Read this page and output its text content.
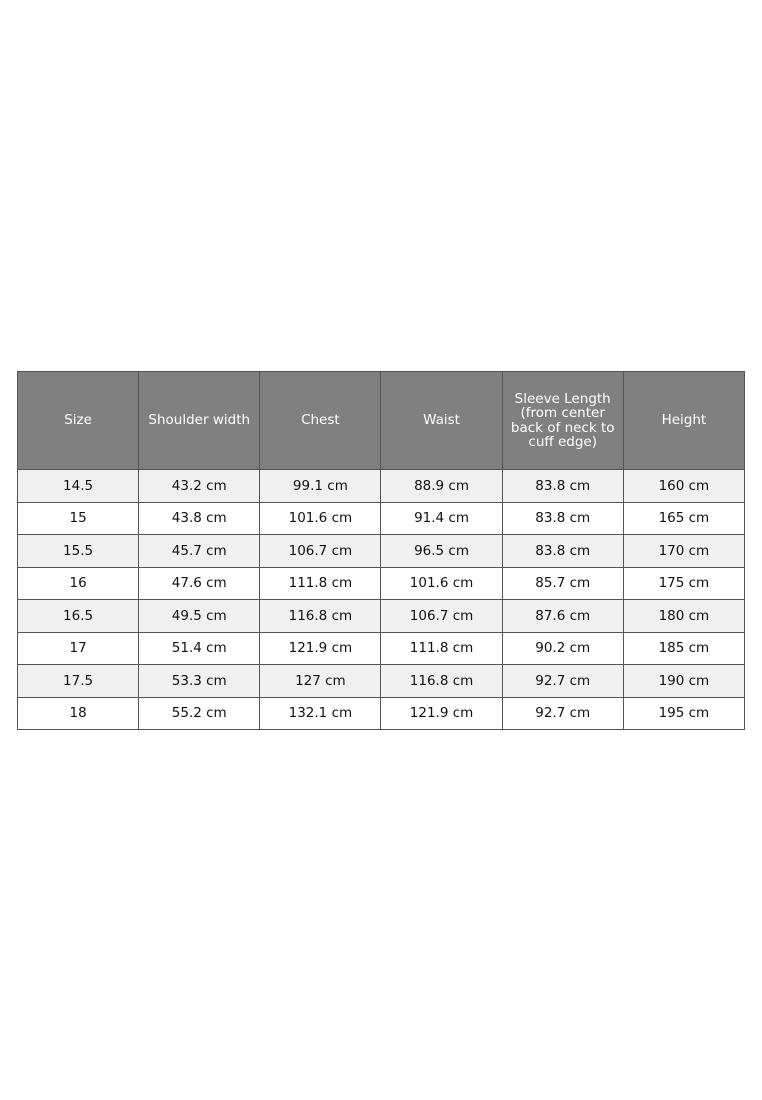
Size	Shoulder width	Chest	Waist	Sleeve Length (from center back of neck to cuff edge)	Height
14.5	43.2 cm	99.1 cm	88.9 cm	83.8 cm	160 cm
15	43.8 cm	101.6 cm	91.4 cm	83.8 cm	165 cm
15.5	45.7 cm	106.7 cm	96.5 cm	83.8 cm	170 cm
16	47.6 cm	111.8 cm	101.6 cm	85.7 cm	175 cm
16.5	49.5 cm	116.8 cm	106.7 cm	87.6 cm	180 cm
17	51.4 cm	121.9 cm	111.8 cm	90.2 cm	185 cm
17.5	53.3 cm	127 cm	116.8 cm	92.7 cm	190 cm
18	55.2 cm	132.1 cm	121.9 cm	92.7 cm	195 cm
